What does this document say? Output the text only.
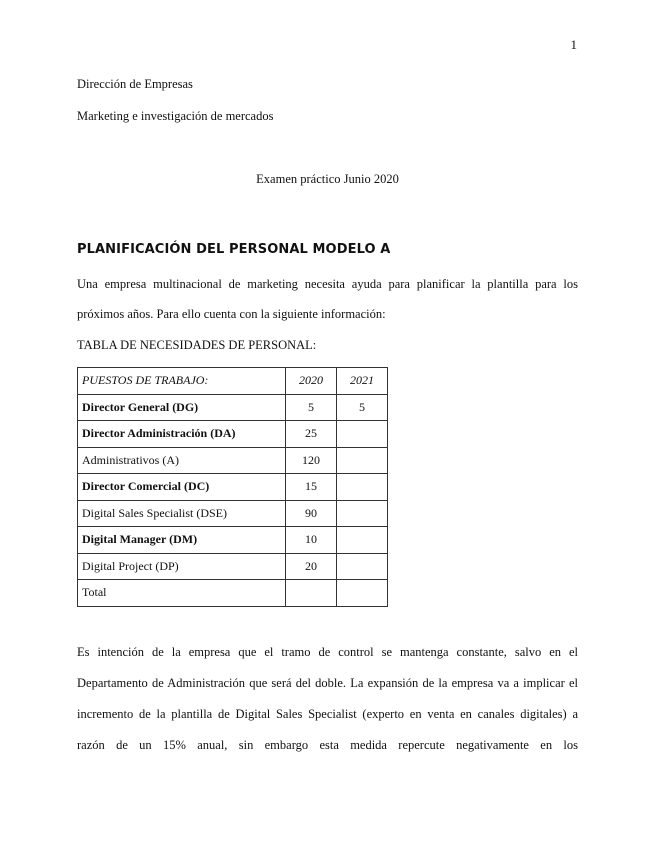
1
Dirección de Empresas
Marketing e investigación de mercados
Examen práctico Junio 2020
PLANIFICACIÓN DEL PERSONAL MODELO A
Una empresa multinacional de marketing necesita ayuda para planificar la plantilla para los
próximos años. Para ello cuenta con la siguiente información:
TABLA DE NECESIDADES DE PERSONAL:
PUESTOS DE TRABAJO:	2020	2021
Director General (DG)	5	5
Director Administración (DA)	25	
Administrativos (A)	120	
Director Comercial (DC)	15	
Digital Sales Specialist (DSE)	90	
Digital Manager (DM)	10	
Digital Project (DP)	20	
Total		
Es intención de la empresa que el tramo de control se mantenga constante, salvo en el
Departamento de Administración que será del doble. La expansión de la empresa va a implicar el
incremento de la plantilla de Digital Sales Specialist (experto en venta en canales digitales) a
razón de un 15% anual, sin embargo esta medida repercute negativamente en los
